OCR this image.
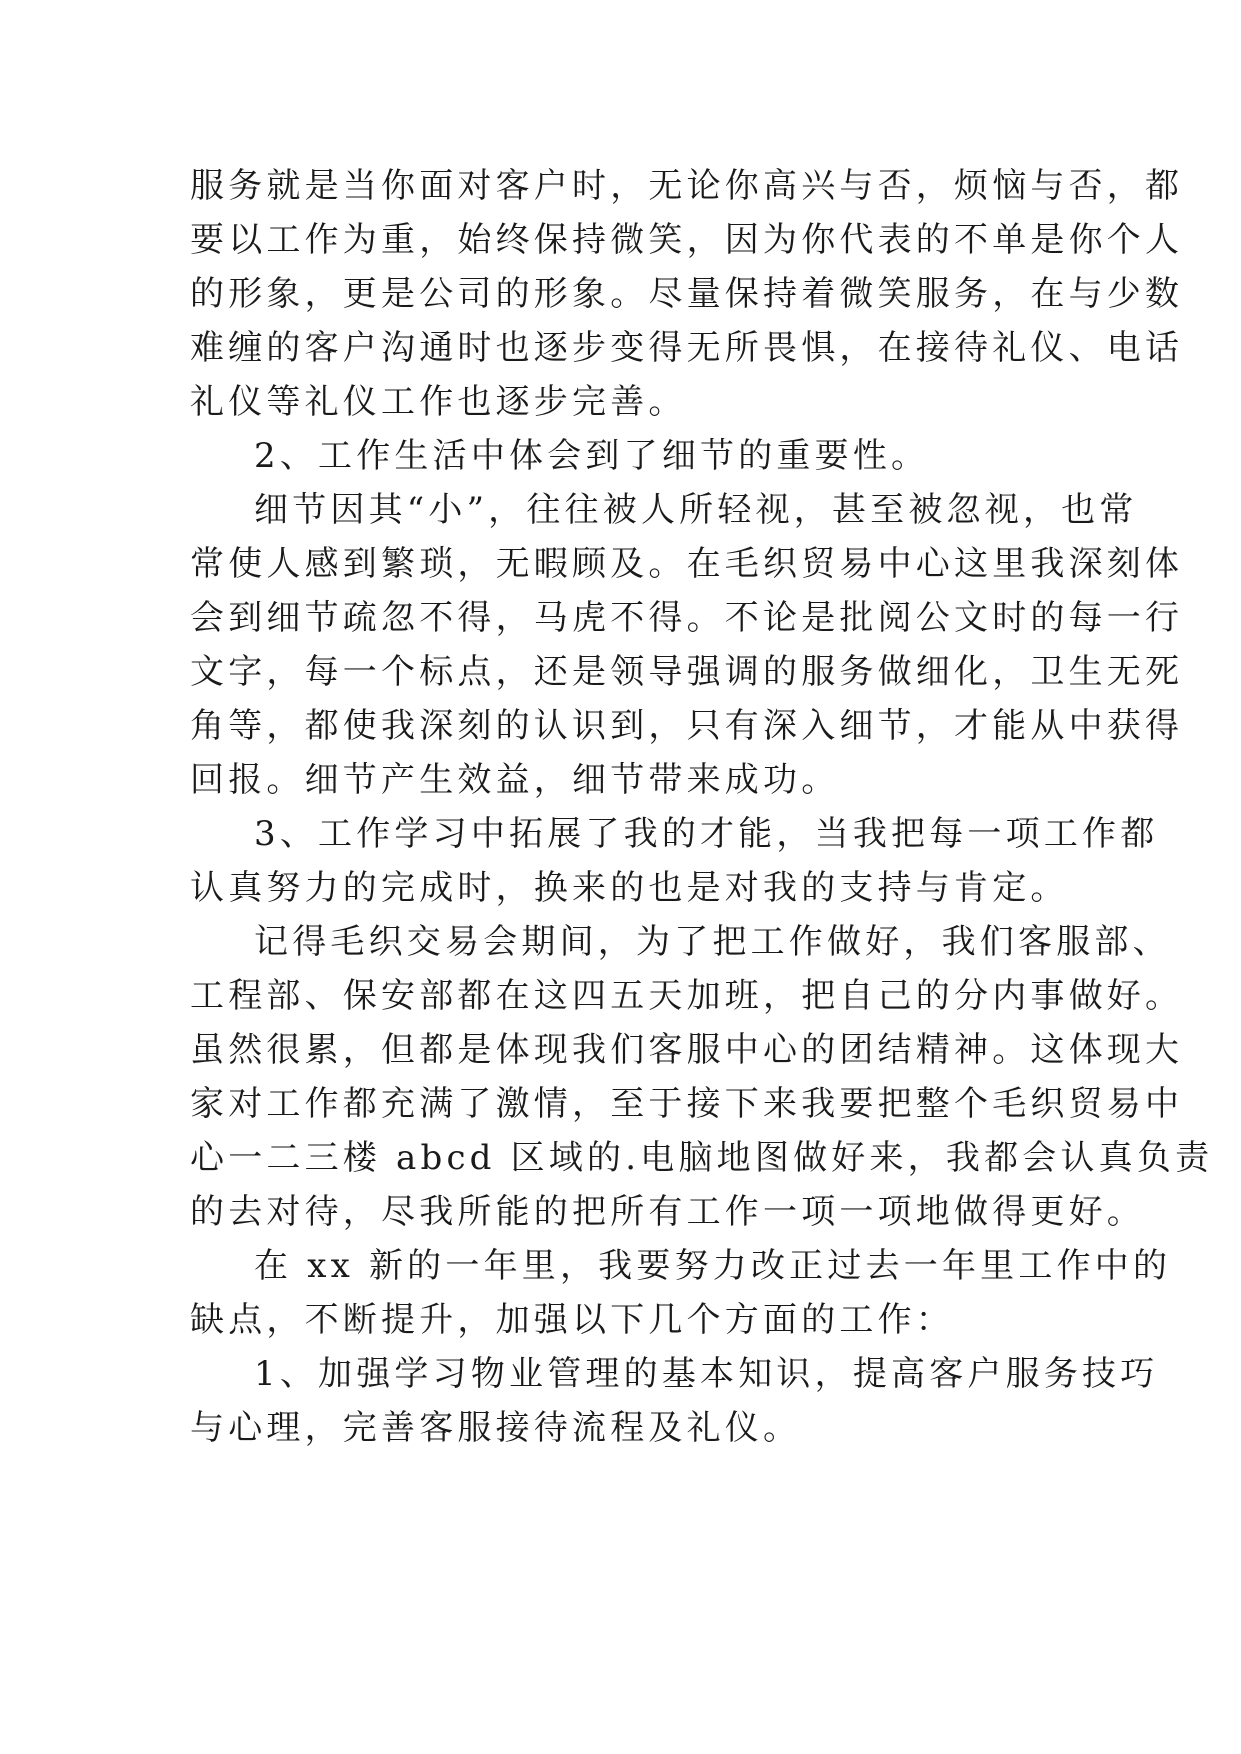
服务就是当你面对客户时，无论你高兴与否，烦恼与否，都

要以工作为重，始终保持微笑，因为你代表的不单是你个人

的形象，更是公司的形象。尽量保持着微笑服务，在与少数

难缠的客户沟通时也逐步变得无所畏惧，在接待礼仪、电话

礼仪等礼仪工作也逐步完善。

2、工作生活中体会到了细节的重要性。

细节因其“小”，往往被人所轻视，甚至被忽视，也常

常使人感到繁琐，无暇顾及。在毛织贸易中心这里我深刻体

会到细节疏忽不得，马虎不得。不论是批阅公文时的每一行

文字，每一个标点，还是领导强调的服务做细化，卫生无死

角等，都使我深刻的认识到，只有深入细节，才能从中获得

回报。细节产生效益，细节带来成功。

3、工作学习中拓展了我的才能，当我把每一项工作都

认真努力的完成时，换来的也是对我的支持与肯定。

记得毛织交易会期间，为了把工作做好，我们客服部、

工程部、保安部都在这四五天加班，把自己的分内事做好。

虽然很累，但都是体现我们客服中心的团结精神。这体现大

家对工作都充满了激情，至于接下来我要把整个毛织贸易中

心一二三楼 abcd 区域的.电脑地图做好来，我都会认真负责

的去对待，尽我所能的把所有工作一项一项地做得更好。

在 xx 新的一年里，我要努力改正过去一年里工作中的

缺点，不断提升，加强以下几个方面的工作：

1、加强学习物业管理的基本知识，提高客户服务技巧

与心理，完善客服接待流程及礼仪。
